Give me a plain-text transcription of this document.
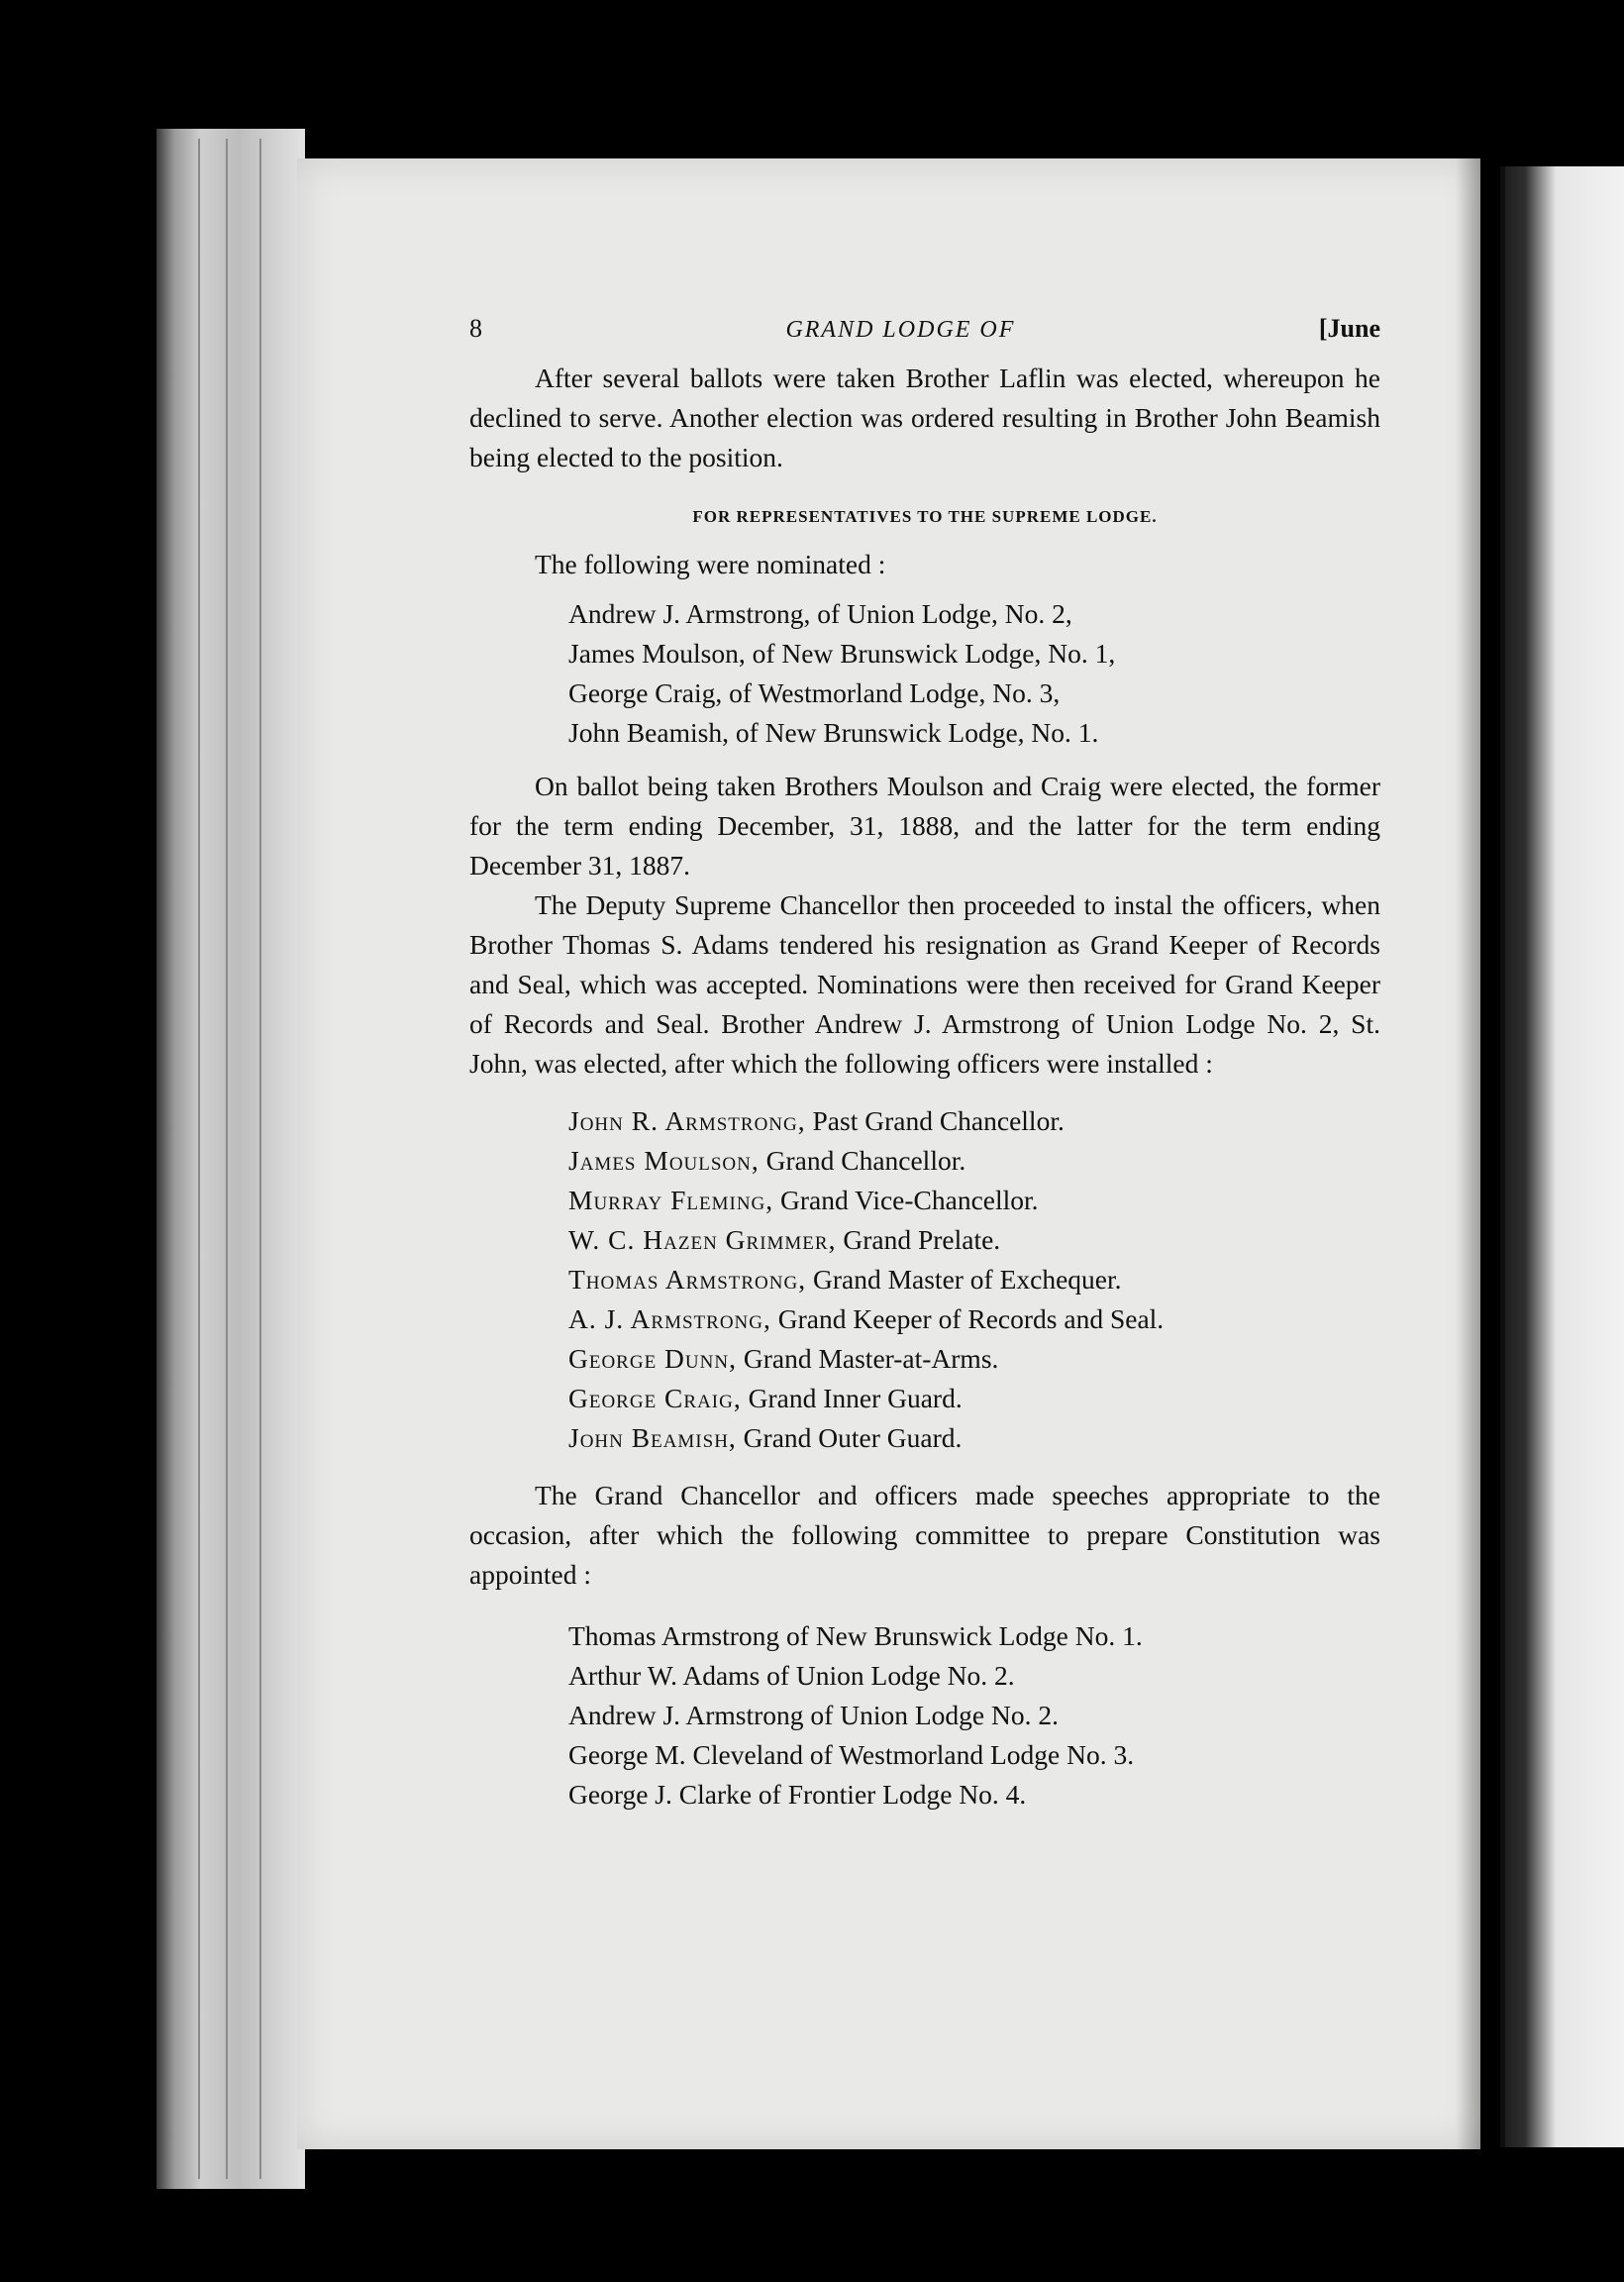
8	GRAND LODGE OF	[June

After several ballots were taken Brother Laflin was elected, whereupon he declined to serve. Another election was ordered resulting in Brother John Beamish being elected to the position.

FOR REPRESENTATIVES TO THE SUPREME LODGE.

The following were nominated :

Andrew J. Armstrong, of Union Lodge, No. 2,
James Moulson, of New Brunswick Lodge, No. 1,
George Craig, of Westmorland Lodge, No. 3,
John Beamish, of New Brunswick Lodge, No. 1.

On ballot being taken Brothers Moulson and Craig were elected, the former for the term ending December, 31, 1888, and the latter for the term ending December 31, 1887.

The Deputy Supreme Chancellor then proceeded to instal the officers, when Brother Thomas S. Adams tendered his resignation as Grand Keeper of Records and Seal, which was accepted. Nominations were then received for Grand Keeper of Records and Seal. Brother Andrew J. Armstrong of Union Lodge No. 2, St. John, was elected, after which the following officers were installed :

John R. Armstrong, Past Grand Chancellor.
James Moulson, Grand Chancellor.
Murray Fleming, Grand Vice-Chancellor.
W. C. Hazen Grimmer, Grand Prelate.
Thomas Armstrong, Grand Master of Exchequer.
A. J. Armstrong, Grand Keeper of Records and Seal.
George Dunn, Grand Master-at-Arms.
George Craig, Grand Inner Guard.
John Beamish, Grand Outer Guard.

The Grand Chancellor and officers made speeches appropriate to the occasion, after which the following committee to prepare Constitution was appointed :

Thomas Armstrong of New Brunswick Lodge No. 1.
Arthur W. Adams of Union Lodge No. 2.
Andrew J. Armstrong of Union Lodge No. 2.
George M. Cleveland of Westmorland Lodge No. 3.
George J. Clarke of Frontier Lodge No. 4.
